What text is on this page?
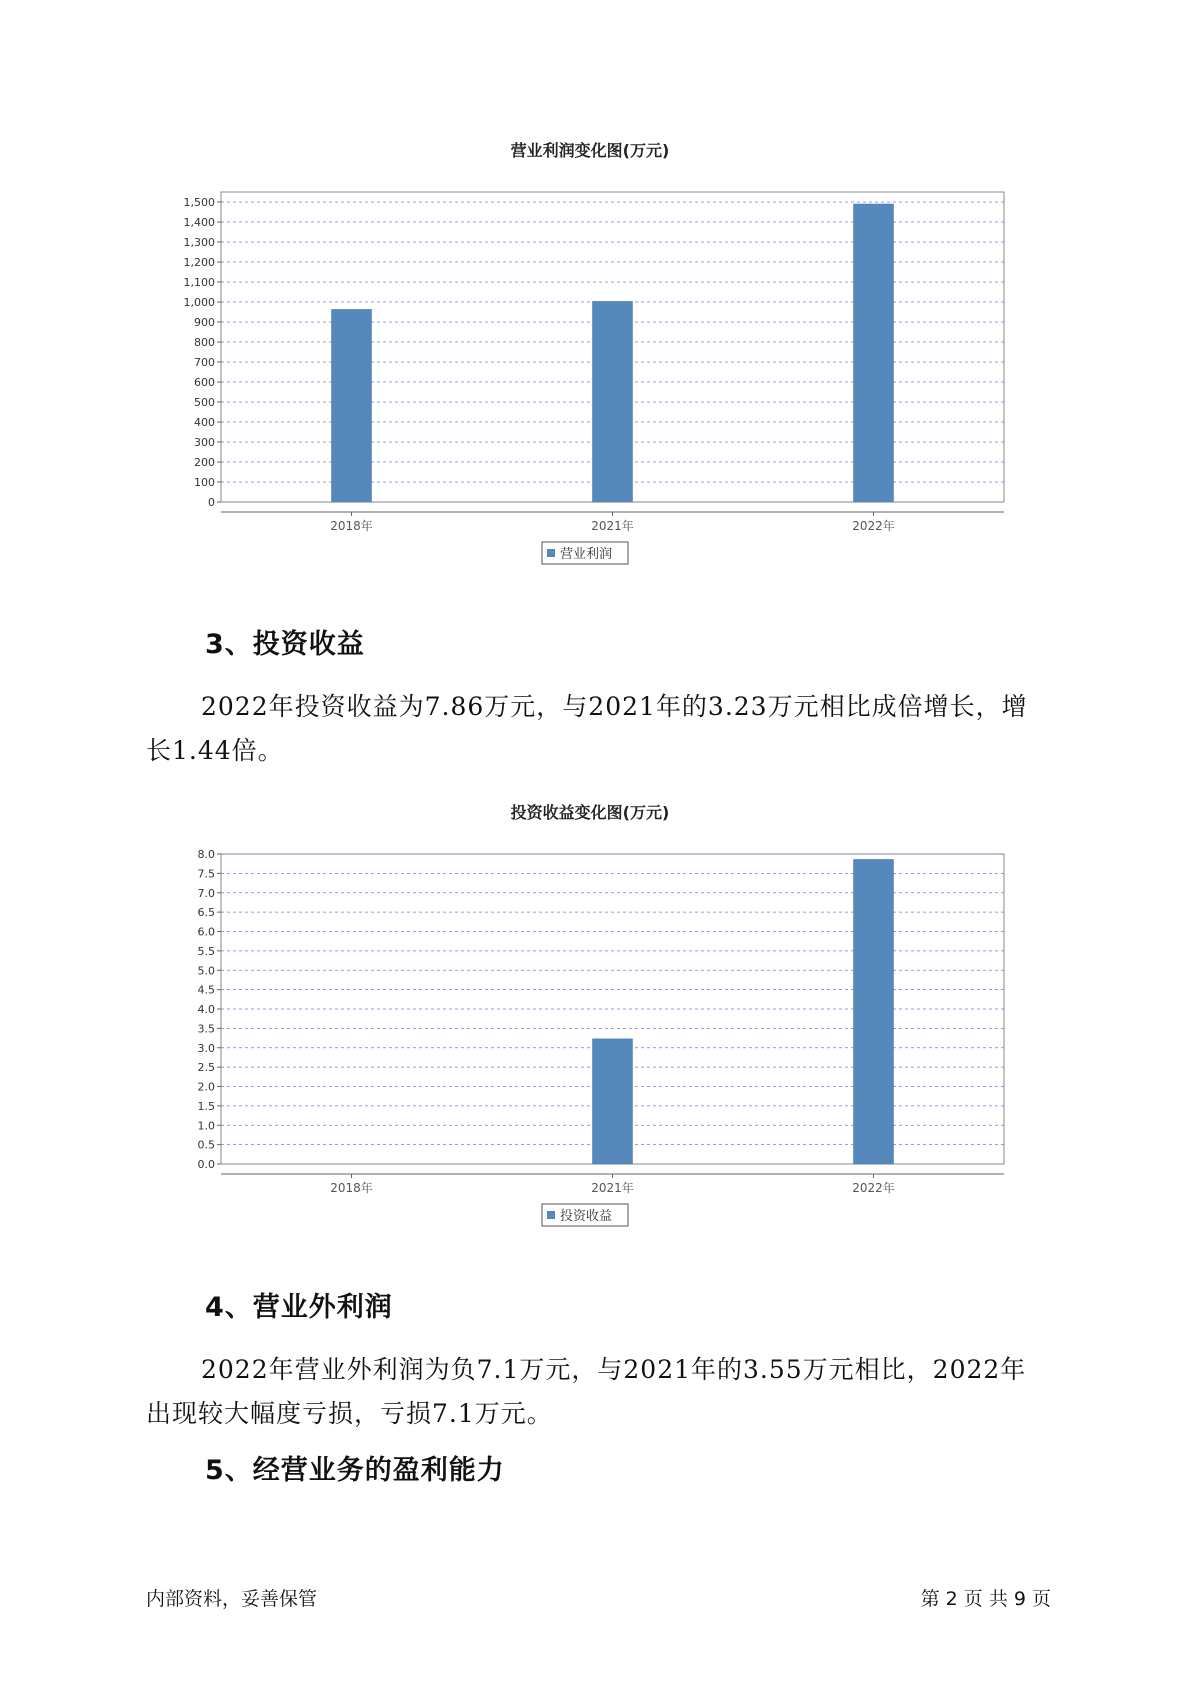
营业利润变化图(万元)
0
100
200
300
400
500
600
700
800
900
1,000
1,100
1,200
1,300
1,400
1,500
2018年	2021年	2022年
营业利润
3、投资收益
2022年投资收益为7.86万元，与2021年的3.23万元相比成倍增长，增长1.44倍。
投资收益变化图(万元)
0.0
0.5
1.0
1.5
2.0
2.5
3.0
3.5
4.0
4.5
5.0
5.5
6.0
6.5
7.0
7.5
8.0
2018年	2021年	2022年
投资收益
4、营业外利润
2022年营业外利润为负7.1万元，与2021年的3.55万元相比，2022年出现较大幅度亏损，亏损7.1万元。
5、经营业务的盈利能力
内部资料，妥善保管	第 2 页 共 9 页
